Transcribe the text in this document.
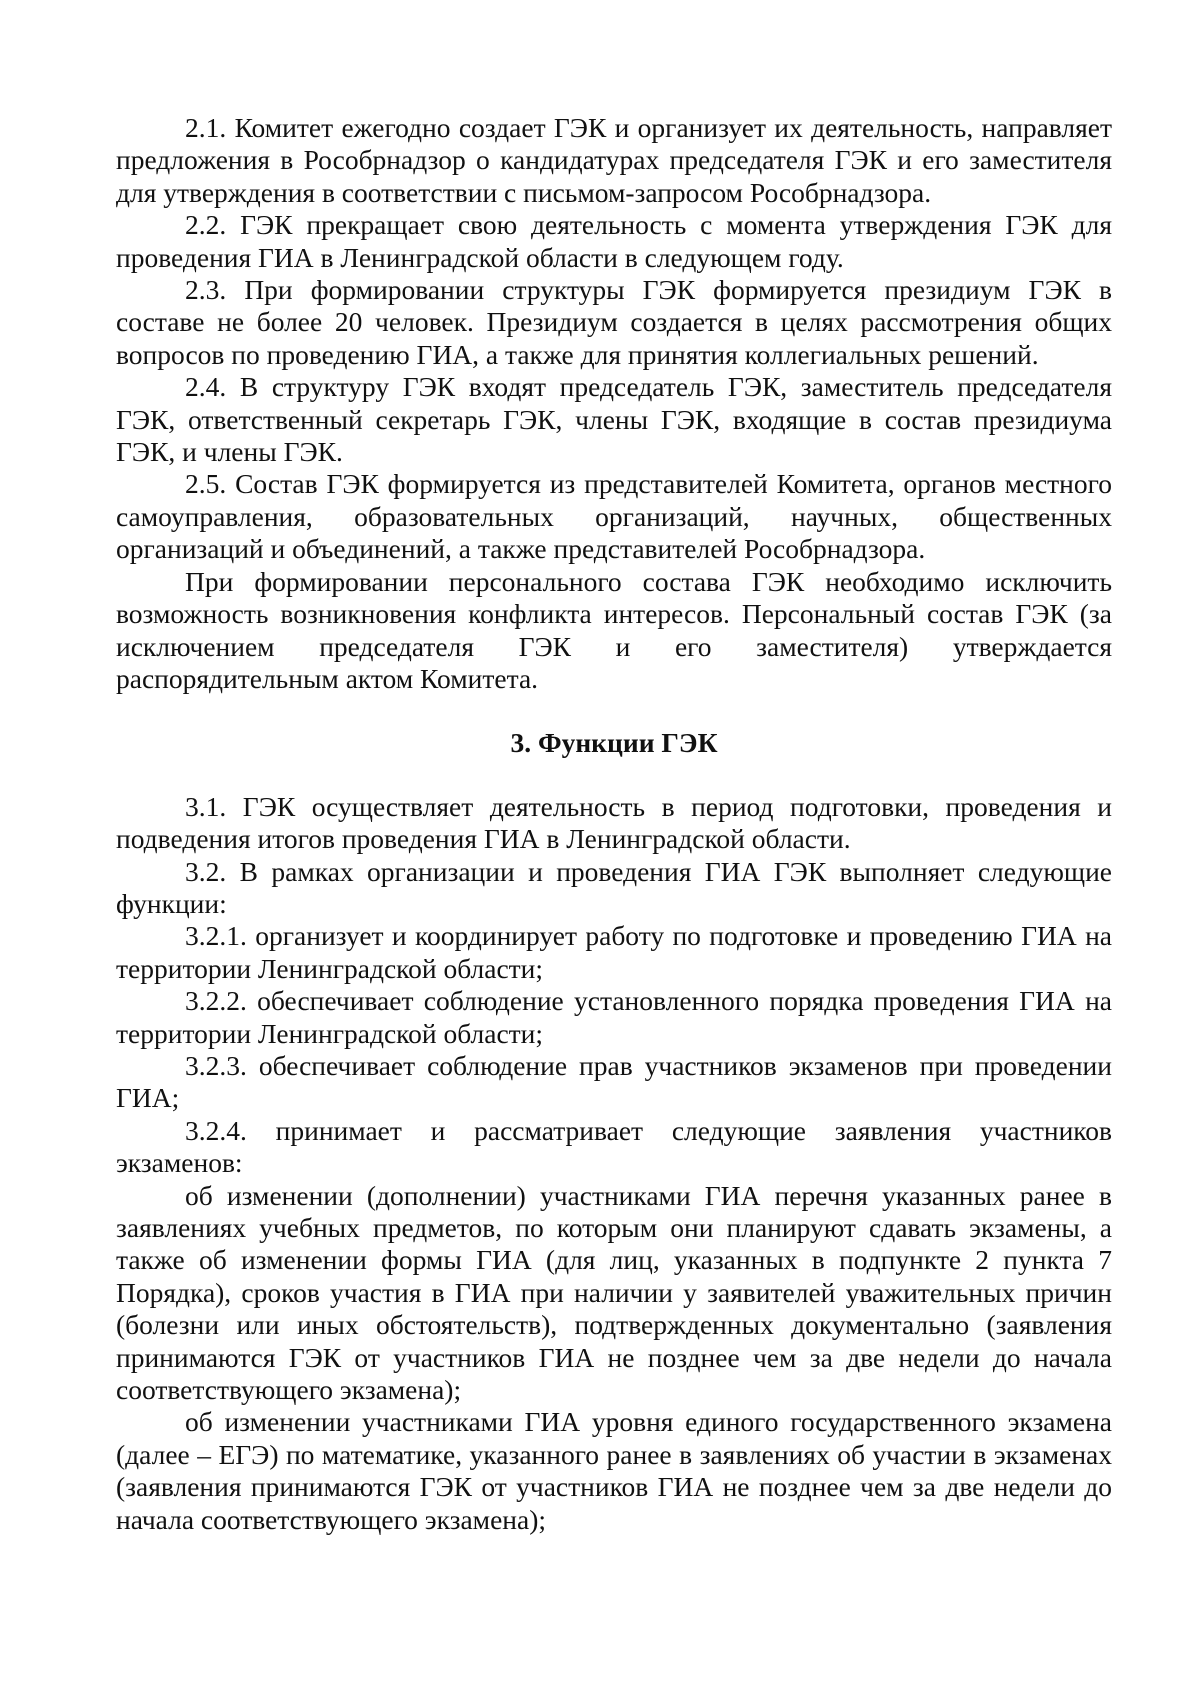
2.1. Комитет ежегодно создает ГЭК и организует их деятельность, направляет предложения в Рособрнадзор о кандидатурах председателя ГЭК и его заместителя для утверждения в соответствии с письмом-запросом Рособрнадзора.

2.2. ГЭК прекращает свою деятельность с момента утверждения ГЭК для проведения ГИА в Ленинградской области в следующем году.

2.3. При формировании структуры ГЭК формируется президиум ГЭК в составе не более 20 человек. Президиум создается в целях рассмотрения общих вопросов по проведению ГИА, а также для принятия коллегиальных решений.

2.4. В структуру ГЭК входят председатель ГЭК, заместитель председателя ГЭК, ответственный секретарь ГЭК, члены ГЭК, входящие в состав президиума ГЭК, и члены ГЭК.

2.5. Состав ГЭК формируется из представителей Комитета, органов местного самоуправления, образовательных организаций, научных, общественных организаций и объединений, а также представителей Рособрнадзора.

При формировании персонального состава ГЭК необходимо исключить возможность возникновения конфликта интересов. Персональный состав ГЭК (за исключением председателя ГЭК и его заместителя) утверждается распорядительным актом Комитета.

3. Функции ГЭК

3.1. ГЭК осуществляет деятельность в период подготовки, проведения и подведения итогов проведения ГИА в Ленинградской области.

3.2. В рамках организации и проведения ГИА ГЭК выполняет следующие функции:

3.2.1. организует и координирует работу по подготовке и проведению ГИА на территории Ленинградской области;

3.2.2. обеспечивает соблюдение установленного порядка проведения ГИА на территории Ленинградской области;

3.2.3. обеспечивает соблюдение прав участников экзаменов при проведении ГИА;

3.2.4. принимает и рассматривает следующие заявления участников экзаменов:

об изменении (дополнении) участниками ГИА перечня указанных ранее в заявлениях учебных предметов, по которым они планируют сдавать экзамены, а также об изменении формы ГИА (для лиц, указанных в подпункте 2 пункта 7 Порядка), сроков участия в ГИА при наличии у заявителей уважительных причин (болезни или иных обстоятельств), подтвержденных документально (заявления принимаются ГЭК от участников ГИА не позднее чем за две недели до начала соответствующего экзамена);

об изменении участниками ГИА уровня единого государственного экзамена (далее – ЕГЭ) по математике, указанного ранее в заявлениях об участии в экзаменах (заявления принимаются ГЭК от участников ГИА не позднее чем за две недели до начала соответствующего экзамена);
